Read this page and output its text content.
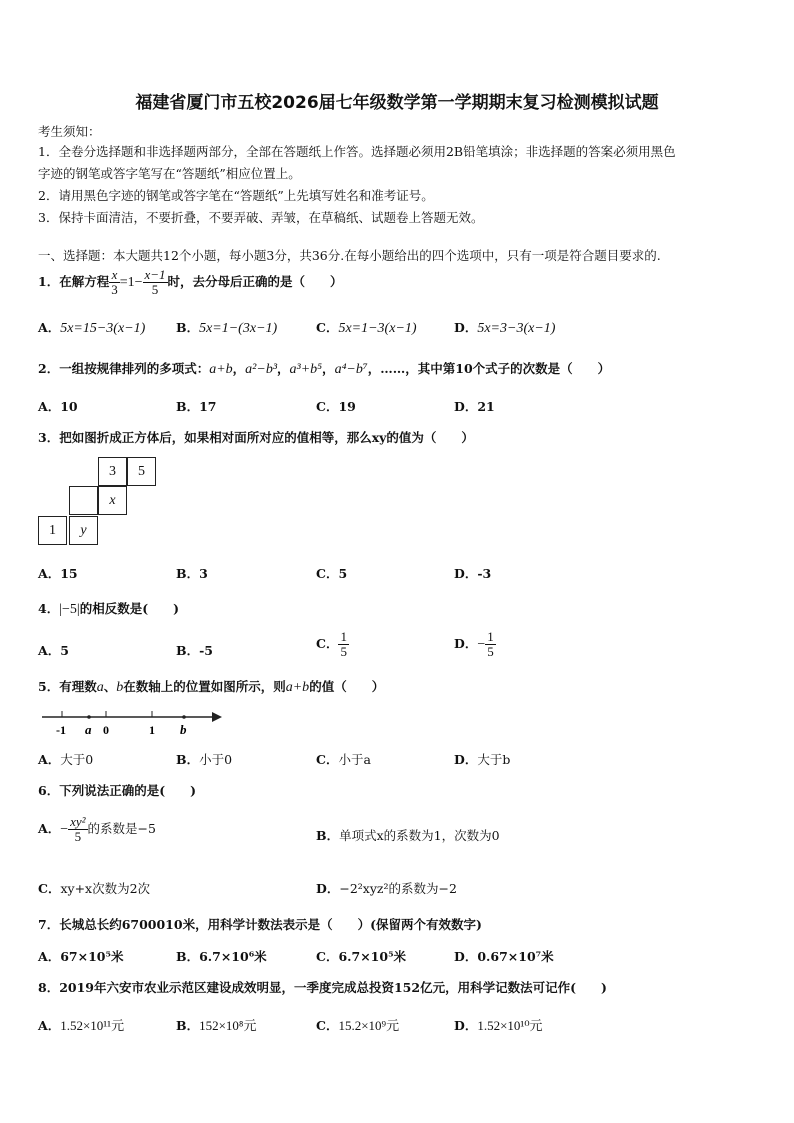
福建省厦门市五校2026届七年级数学第一学期期末复习检测模拟试题
考生须知：
1．全卷分选择题和非选择题两部分，全部在答题纸上作答。选择题必须用2B铅笔填涂；非选择题的答案必须用黑色
字迹的钢笔或答字笔写在“答题纸”相应位置上。
2．请用黑色字迹的钢笔或答字笔在“答题纸”上先填写姓名和准考证号。
3．保持卡面清洁，不要折叠，不要弄破、弄皱，在草稿纸、试题卷上答题无效。
一、选择题：本大题共12个小题，每小题3分，共36分.在每小题给出的四个选项中，只有一项是符合题目要求的.
1．在解方程 $\frac{x}{3} =1- \frac{x-1}{5}$ 时，去分母后正确的是（　　）
A．5x=15−3(x−1) B．5x=1−(3x−1)	C．5x=1−3(x−1)	D．5x=3−3(x−1)
2．一组按规律排列的多项式：a+b，a²−b³，a³+b⁵，a⁴−b⁷，……，其中第10个式子的次数是（　　）
A．10	B．17	C．19	D．21
3．把如图折成正方体后，如果相对面所对应的值相等，那么xy的值为（　　）
3	5
x
1	y
A．15	B．3	C．5	D．-3
4．|−5|的相反数是(　　)
A．5	B．-5	C． $\frac{1}{5}$	D．− $\frac{1}{5}$
5．有理数a、b在数轴上的位置如图所示，则a+b的值（　　）
-1 a 0	1 b
A．大于0	B．小于0	C．小于a	D．大于b
6．下列说法正确的是(　　)
A．− $\frac{\text{xy²}}{5}$ 的系数是−5	B．单项式x的系数为1，次数为0
C．xy+x次数为2次	D．−2²xyz²的系数为−2
7．长城总长约6700010米，用科学计数法表示是（　　）(保留两个有效数字)
A．67×10⁵米	B．6.7×10⁶米	C．6.7×10⁵米	D．0.67×10⁷米
8．2019年六安市农业示范区建设成效明显，一季度完成总投资152亿元，用科学记数法可记作(　　)
A．1.52×10¹¹元	B．152×10⁸元	C．15.2×10⁹元	D．1.52×10¹⁰元
